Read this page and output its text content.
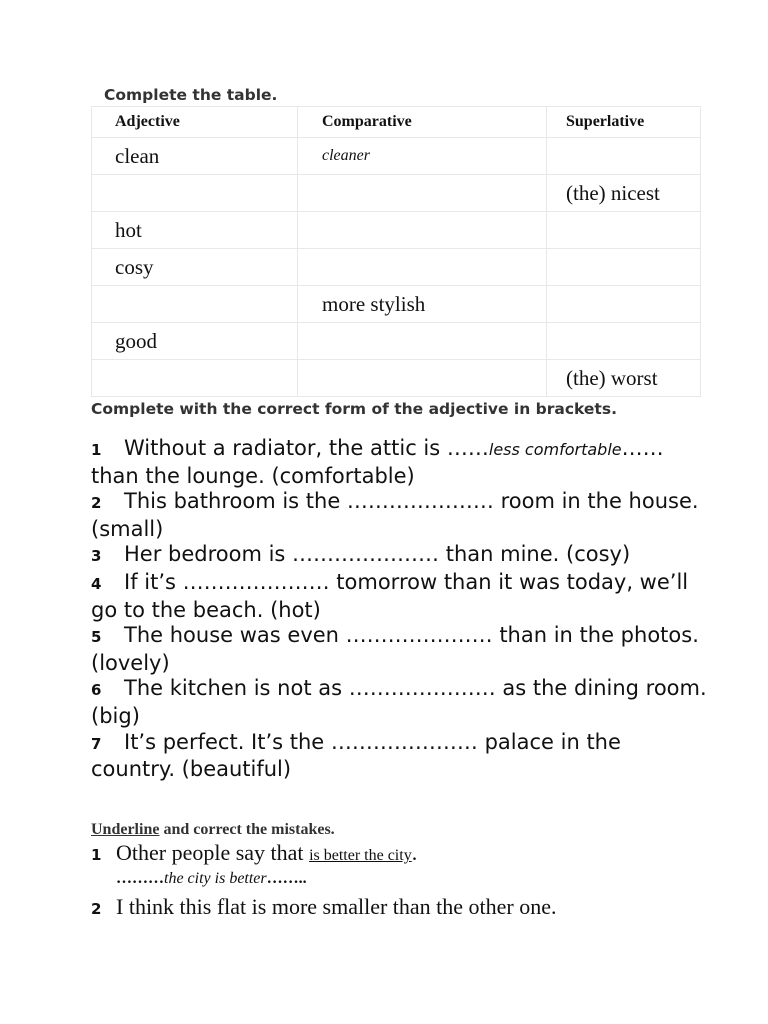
Complete the table.
Adjective	Comparative	Superlative
clean	cleaner	
		(the) nicest
hot		
cosy		
	more stylish	
good		
		(the) worst
Complete with the correct form of the adjective in brackets.

1 Without a radiator, the attic is ……less comfortable…… than the lounge. (comfortable)

2 This bathroom is the ………………… room in the house. (small)

3 Her bedroom is ………………… than mine. (cosy)

4 If it’s ………………… tomorrow than it was today, we’ll go to the beach. (hot)

5 The house was even ………………… than in the photos. (lovely)

6 The kitchen is not as ………………… as the dining room. (big)

7 It’s perfect. It’s the ………………… palace in the country. (beautiful)

Underline and correct the mistakes.
1 Other people say that is better the city.
………the city is better……..
2 I think this flat is more smaller than the other one.
